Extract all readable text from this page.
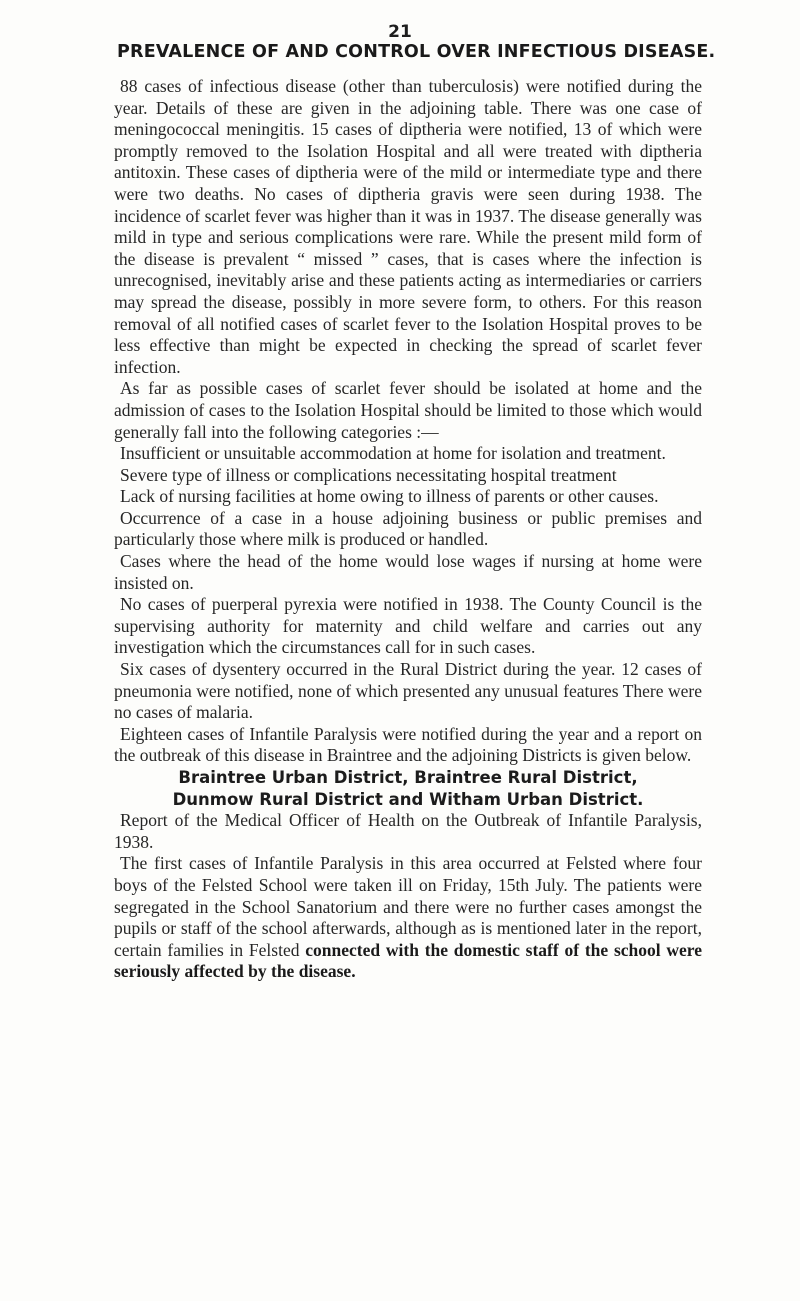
21
PREVALENCE OF AND CONTROL OVER INFECTIOUS DISEASE.

88 cases of infectious disease (other than tuberculosis) were notified during the year. Details of these are given in the adjoining table. There was one case of meningococcal meningitis. 15 cases of diptheria were notified, 13 of which were promptly removed to the Isolation Hospital and all were treated with diptheria antitoxin. These cases of diptheria were of the mild or intermediate type and there were two deaths. No cases of diptheria gravis were seen during 1938. The incidence of scarlet fever was higher than it was in 1937. The disease generally was mild in type and serious complications were rare. While the present mild form of the disease is prevalent “ missed ” cases, that is cases where the infection is unrecognised, inevitably arise and these patients acting as intermediaries or carriers may spread the disease, possibly in more severe form, to others. For this reason removal of all notified cases of scarlet fever to the Isolation Hospital proves to be less effective than might be expected in checking the spread of scarlet fever infection.

As far as possible cases of scarlet fever should be isolated at home and the admission of cases to the Isolation Hospital should be limited to those which would generally fall into the following categories :—

Insufficient or unsuitable accommodation at home for isolation and treatment.

Severe type of illness or complications necessitating hospital treatment

Lack of nursing facilities at home owing to illness of parents or other causes.

Occurrence of a case in a house adjoining business or public premises and particularly those where milk is produced or handled.

Cases where the head of the home would lose wages if nursing at home were insisted on.

No cases of puerperal pyrexia were notified in 1938. The County Council is the supervising authority for maternity and child welfare and carries out any investigation which the circumstances call for in such cases.

Six cases of dysentery occurred in the Rural District during the year. 12 cases of pneumonia were notified, none of which presented any unusual features There were no cases of malaria.

Eighteen cases of Infantile Paralysis were notified during the year and a report on the outbreak of this disease in Braintree and the adjoining Districts is given below.

Braintree Urban District, Braintree Rural District,

Dunmow Rural District and Witham Urban District.

Report of the Medical Officer of Health on the Outbreak of Infantile Paralysis, 1938.

The first cases of Infantile Paralysis in this area occurred at Felsted where four boys of the Felsted School were taken ill on Friday, 15th July. The patients were segregated in the School Sanatorium and there were no further cases amongst the pupils or staff of the school afterwards, although as is mentioned later in the report, certain families in Felsted connected with the domestic staff of the school were seriously affected by the disease.
